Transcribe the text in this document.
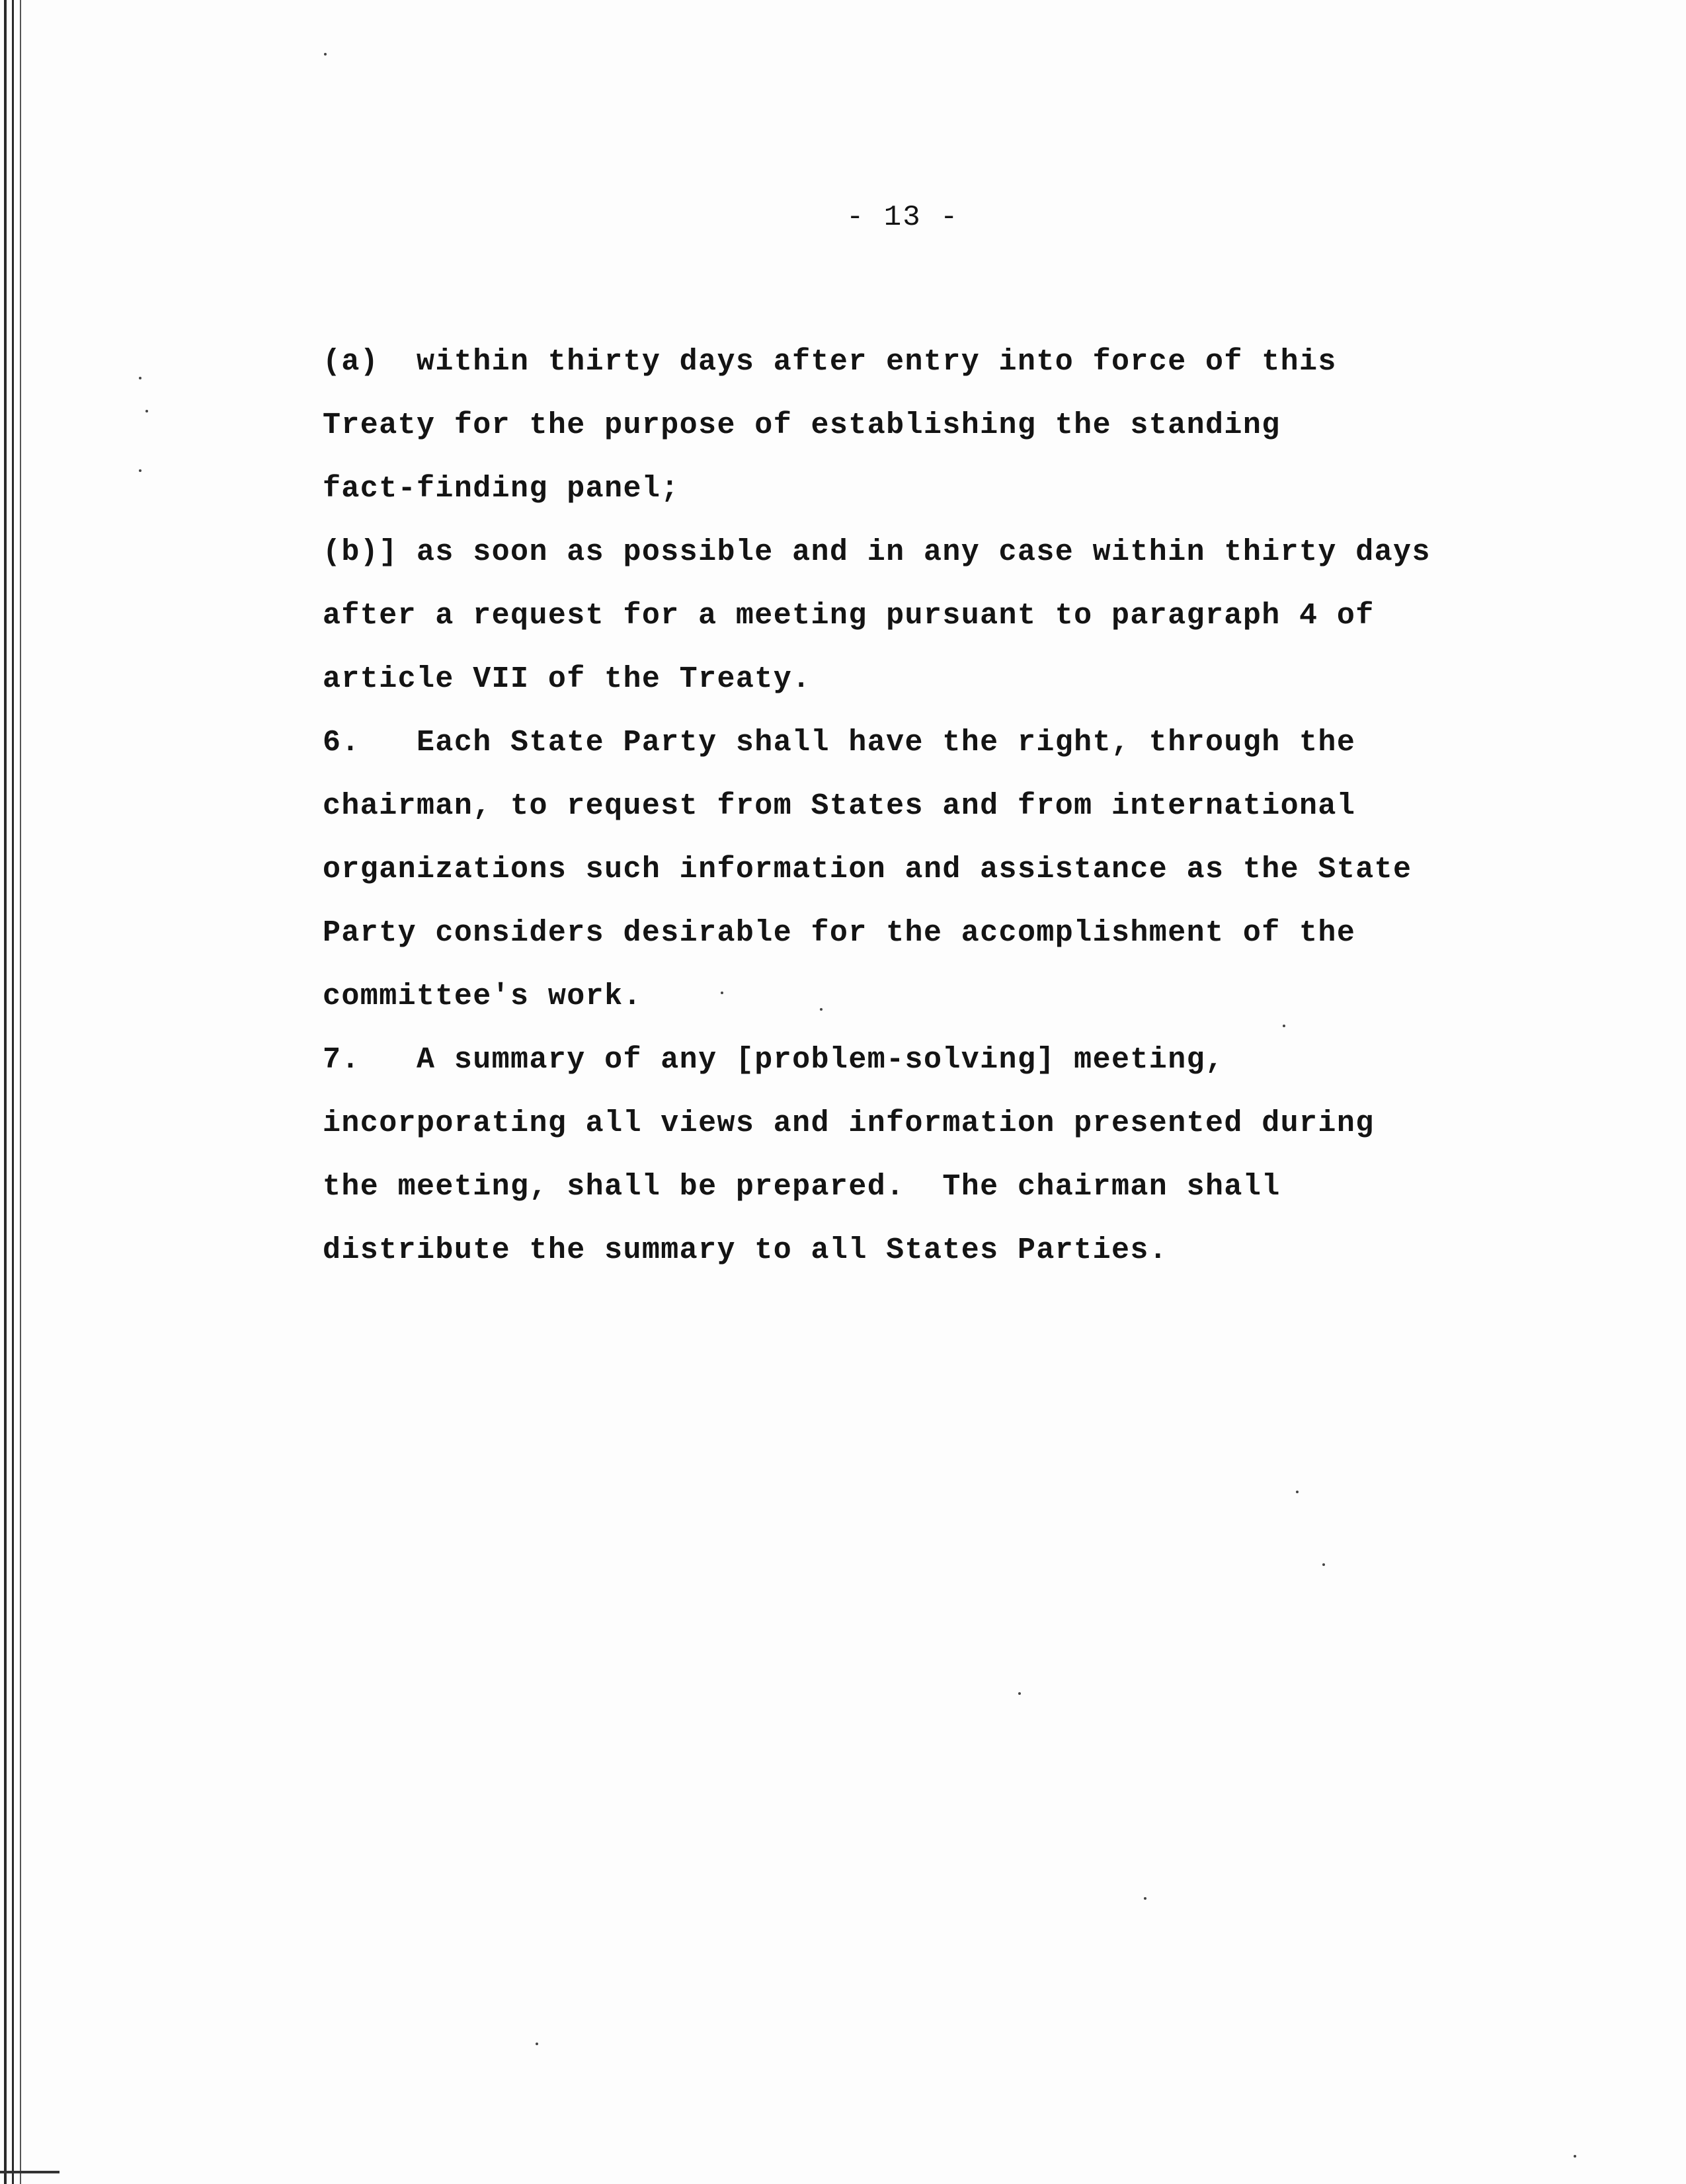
- 13 -
(a)  within thirty days after entry into force of this
Treaty for the purpose of establishing the standing
fact-finding panel;
(b)] as soon as possible and in any case within thirty days
after a request for a meeting pursuant to paragraph 4 of
article VII of the Treaty.
6.   Each State Party shall have the right, through the
chairman, to request from States and from international
organizations such information and assistance as the State
Party considers desirable for the accomplishment of the
committee's work.
7.   A summary of any [problem-solving] meeting,
incorporating all views and information presented during
the meeting, shall be prepared.  The chairman shall
distribute the summary to all States Parties.
